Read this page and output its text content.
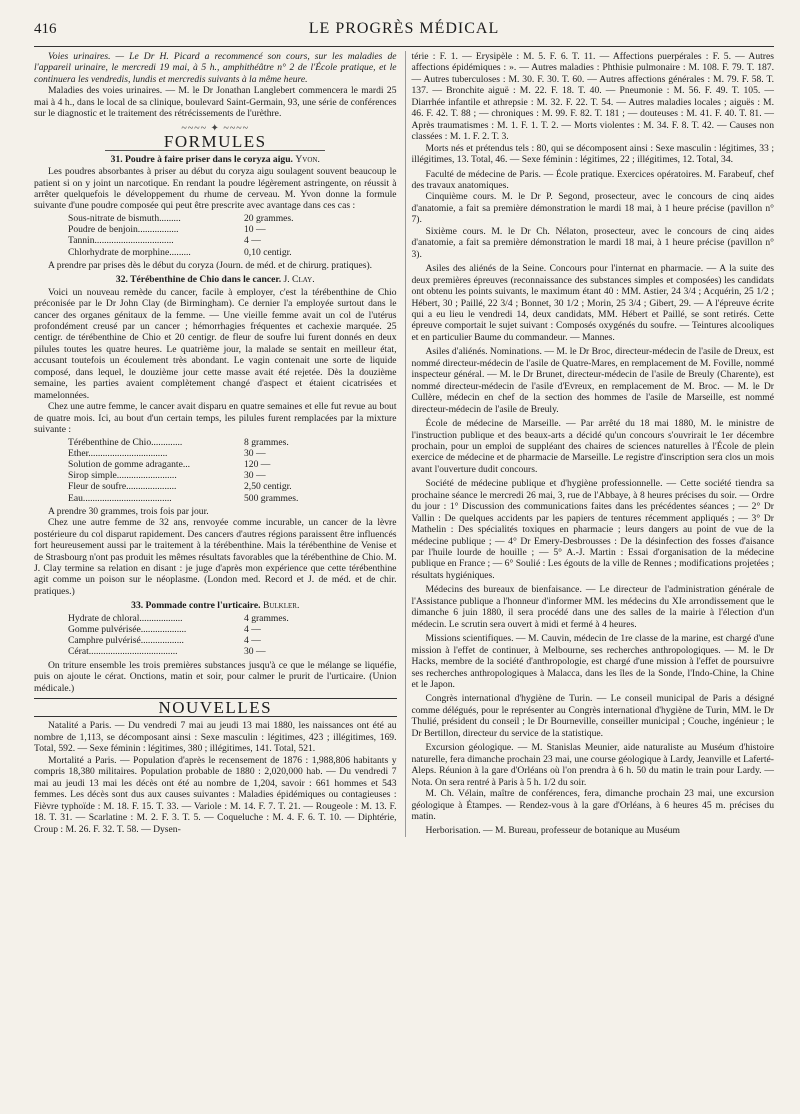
416	LE PROGRÈS MÉDICAL

Voies urinaires. — Le Dr H. Picard a recommencé son cours, sur les maladies de l'appareil urinaire, le mercredi 19 mai, à 5 h., amphithéâtre n° 2 de l'École pratique, et le continuera les vendredis, lundis et mercredis suivants à la même heure.

Maladies des voies urinaires. — M. le Dr Jonathan Langlebert commencera le mardi 25 mai à 4 h., dans le local de sa clinique, boulevard Saint-Germain, 93, une série de conférences sur le diagnostic et le traitement des rétrécissements de l'urèthre.

~~~~ ✦ ~~~~
FORMULES
31. Poudre à faire priser dans le coryza aigu. Yvon.

Les poudres absorbantes à priser au début du coryza aigu soulagent souvent beaucoup le patient si on y joint un narcotique. En rendant la poudre légèrement astringente, on réussit à arrêter quelquefois le développement du rhume de cerveau. M. Yvon donne la formule suivante d'une poudre composée qui peut être prescrite avec avantage dans ces cas :

Sous-nitrate de bismuth.........	20 grammes.
Poudre de benjoin.................	10 —
Tannin.................................	4 —
Chlorhydrate de morphine.........	0,10 centigr.

A prendre par prises dès le début du coryza (Journ. de méd. et de chirurg. pratiques).

32. Térébenthine de Chio dans le cancer. J. Clay.

Voici un nouveau remède du cancer, facile à employer, c'est la térébenthine de Chio préconisée par le Dr John Clay (de Birmingham). Ce dernier l'a employée surtout dans le cancer des organes génitaux de la femme. — Une vieille femme avait un col de l'utérus profondément creusé par un cancer ; hémorrhagies fréquentes et cachexie marquée. 25 centigr. de térébenthine de Chio et 20 centigr. de fleur de soufre lui furent donnés en deux pilules toutes les quatre heures. Le quatrième jour, la malade se sentait en meilleur état, accusant toutefois un écoulement très abondant. Le vagin contenait une sorte de liquide composé, dans lequel, le douzième jour cette masse avait été rejetée. Dès la douzième semaine, les parties avaient complètement changé d'aspect et étaient cicatrisées et mamelonnées.

Chez une autre femme, le cancer avait disparu en quatre semaines et elle fut revue au bout de quatre mois. Ici, au bout d'un certain temps, les pilules furent remplacées par la mixture suivante :

Térébenthine de Chio.............	8 grammes.
Ether.................................	30 —
Solution de gomme adragante...	120 —
Sirop simple.........................	30 —
Fleur de soufre.....................	2,50 centigr.
Eau.....................................	500 grammes.

A prendre 30 grammes, trois fois par jour.

Chez une autre femme de 32 ans, renvoyée comme incurable, un cancer de la lèvre postérieure du col disparut rapidement. Des cancers d'autres régions paraissent être influencés fort heureusement aussi par le traitement à la térébenthine. Mais la térébenthine de Venise et de Strasbourg n'ont pas produit les mêmes résultats favorables que la térébenthine de Chio. M. J. Clay termine sa relation en disant : je juge d'après mon expérience que cette térébenthine agit comme un poison sur le néoplasme. (London med. Record et J. de méd. et de chir. pratiques.)

33. Pommade contre l'urticaire. Bulkler.
Hydrate de chloral..................	4 grammes.
Gomme pulvérisée...................	4 —
Camphre pulvérisé..................	4 —
Cérat.....................................	30 —

On triture ensemble les trois premières substances jusqu'à ce que le mélange se liquéfie, puis on ajoute le cérat. Onctions, matin et soir, pour calmer le prurit de l'urticaire. (Union médicale.)

NOUVELLES

Natalité a Paris. — Du vendredi 7 mai au jeudi 13 mai 1880, les naissances ont été au nombre de 1,113, se décomposant ainsi : Sexe masculin : légitimes, 423 ; illégitimes, 169. Total, 592. — Sexe féminin : légitimes, 380 ; illégitimes, 141. Total, 521.

Mortalité a Paris. — Population d'après le recensement de 1876 : 1,988,806 habitants y compris 18,380 militaires. Population probable de 1880 : 2,020,000 hab. — Du vendredi 7 mai au jeudi 13 mai les décès ont été au nombre de 1,204, savoir : 661 hommes et 543 femmes. Les décès sont dus aux causes suivantes : Maladies épidémiques ou contagieuses : Fièvre typhoïde : M. 18. F. 15. T. 33. — Variole : M. 14. F. 7. T. 21. — Rougeole : M. 13. F. 18. T. 31. — Scarlatine : M. 2. F. 3. T. 5. — Coqueluche : M. 4. F. 6. T. 10. — Diphtérie, Croup : M. 26. F. 32. T. 58. — Dysen-

térie : F. 1. — Erysipèle : M. 5. F. 6. T. 11. — Affections puerpérales : F. 5. — Autres affections épidémiques : ». — Autres maladies : Phthisie pulmonaire : M. 108. F. 79. T. 187. — Autres tuberculoses : M. 30. F. 30. T. 60. — Autres affections générales : M. 79. F. 58. T. 137. — Bronchite aiguë : M. 22. F. 18. T. 40. — Pneumonie : M. 56. F. 49. T. 105. — Diarrhée infantile et athrepsie : M. 32. F. 22. T. 54. — Autres maladies locales ; aiguës : M. 46. F. 42. T. 88 ; — chroniques : M. 99. F. 82. T. 181 ; — douteuses : M. 41. F. 40. T. 81. — Après traumatismes : M. 1. F. 1. T. 2. — Morts violentes : M. 34. F. 8. T. 42. — Causes non classées : M. 1. F. 2. T. 3.

Morts nés et prétendus tels : 80, qui se décomposent ainsi : Sexe masculin : légitimes, 33 ; illégitimes, 13. Total, 46. — Sexe féminin : légitimes, 22 ; illégitimes, 12. Total, 34.

Faculté de médecine de Paris. — École pratique. Exercices opératoires. M. Farabeuf, chef des travaux anatomiques.

Cinquième cours. M. le Dr P. Segond, prosecteur, avec le concours de cinq aides d'anatomie, a fait sa première démonstration le mardi 18 mai, à 1 heure précise (pavillon n° 7).

Sixième cours. M. le Dr Ch. Nélaton, prosecteur, avec le concours de cinq aides d'anatomie, a fait sa première démonstration le mardi 18 mai, à 1 heure précise (pavillon n° 3).

Asiles des aliénés de la Seine. Concours pour l'internat en pharmacie. — A la suite des deux premières épreuves (reconnaissance des substances simples et composées) les candidats ont obtenu les points suivants, le maximum étant 40 : MM. Astier, 24 3/4 ; Acquérin, 25 1/2 ; Hébert, 30 ; Paillé, 22 3/4 ; Bonnet, 30 1/2 ; Morin, 25 3/4 ; Gibert, 29. — A l'épreuve écrite qui a eu lieu le vendredi 14, deux candidats, MM. Hébert et Paillé, se sont retirés. Cette épreuve comportait le sujet suivant : Composés oxygénés du soufre. — Teintures alcooliques et en particulier Baume du commandeur. — Mannes.

Asiles d'aliénés. Nominations. — M. le Dr Broc, directeur-médecin de l'asile de Dreux, est nommé directeur-médecin de l'asile de Quatre-Mares, en remplacement de M. Foville, nommé inspecteur général. — M. le Dr Brunet, directeur-médecin de l'asile de Breuly (Charente), est nommé directeur-médecin de l'asile d'Evreux, en remplacement de M. Broc. — M. le Dr Cullère, médecin en chef de la section des hommes de l'asile de Marseille, est nommé directeur-médecin de l'asile de Breuly.

École de médecine de Marseille. — Par arrêté du 18 mai 1880, M. le ministre de l'instruction publique et des beaux-arts a décidé qu'un concours s'ouvrirait le 1er décembre prochain, pour un emploi de suppléant des chaires de sciences naturelles à l'École de plein exercice de médecine et de pharmacie de Marseille. Le registre d'inscription sera clos un mois avant l'ouverture dudit concours.

Société de médecine publique et d'hygiène professionnelle. — Cette société tiendra sa prochaine séance le mercredi 26 mai, 3, rue de l'Abbaye, à 8 heures précises du soir. — Ordre du jour : 1° Discussion des communications faites dans les précédentes séances ; — 2° Dr Vallin : De quelques accidents par les papiers de tentures récemment appliqués ; — 3° Dr Mathelin : Des spécialités toxiques en pharmacie ; leurs dangers au point de vue de la médecine publique ; — 4° Dr Emery-Desbrousses : De la désinfection des fosses d'aisance par l'huile lourde de houille ; — 5° A.-J. Martin : Essai d'organisation de la médecine publique en France ; — 6° Soulié : Les égouts de la ville de Rennes ; modifications projetées ; résultats hygiéniques.

Médecins des bureaux de bienfaisance. — Le directeur de l'administration générale de l'Assistance publique a l'honneur d'informer MM. les médecins du XIe arrondissement que le dimanche 6 juin 1880, il sera procédé dans une des salles de la mairie à l'élection d'un médecin. Le scrutin sera ouvert à midi et fermé à 4 heures.

Missions scientifiques. — M. Cauvin, médecin de 1re classe de la marine, est chargé d'une mission à l'effet de continuer, à Melbourne, ses recherches anthropologiques. — M. le Dr Hacks, membre de la société d'anthropologie, est chargé d'une mission à l'effet de poursuivre ses recherches anthropologiques à Malacca, dans les îles de la Sonde, l'Indo-Chine, la Chine et le Japon.

Congrès international d'hygiène de Turin. — Le conseil municipal de Paris a désigné comme délégués, pour le représenter au Congrès international d'hygiène de Turin, MM. le Dr Thulié, président du conseil ; le Dr Bourneville, conseiller municipal ; Couche, ingénieur ; le Dr Bertillon, directeur du service de la statistique.

Excursion géologique. — M. Stanislas Meunier, aide naturaliste au Muséum d'histoire naturelle, fera dimanche prochain 23 mai, une course géologique à Lardy, Jeanville et Laferté-Aleps. Réunion à la gare d'Orléans où l'on prendra à 6 h. 50 du matin le train pour Lardy. — Nota. On sera rentré à Paris à 5 h. 1/2 du soir.

M. Ch. Vélain, maître de conférences, fera, dimanche prochain 23 mai, une excursion géologique à Étampes. — Rendez-vous à la gare d'Orléans, à 6 heures 45 m. précises du matin.

Herborisation. — M. Bureau, professeur de botanique au Muséum
